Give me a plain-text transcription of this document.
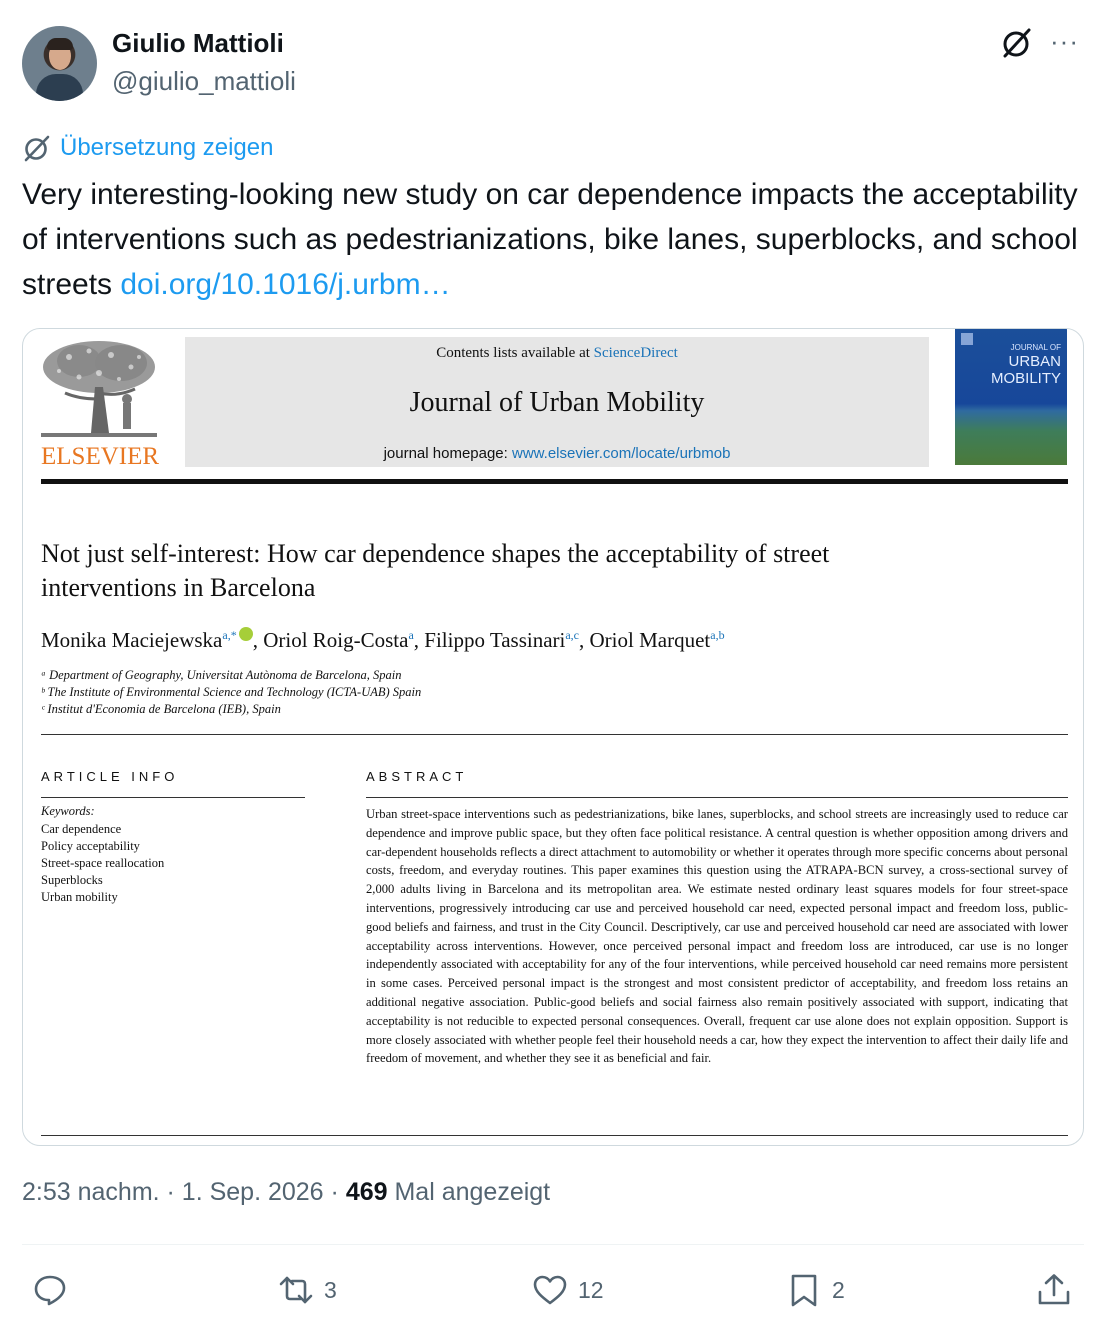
Giulio Mattioli
@giulio_mattioli
···
Übersetzung zeigen
Very interesting-looking new study on car dependence impacts the acceptability of interventions such as pedestrianizations, bike lanes, superblocks, and school streets doi.org/10.1016/j.urbm…
ELSEVIER
Contents lists available at ScienceDirect
Journal of Urban Mobility
journal homepage: www.elsevier.com/locate/urbmob
JOURNAL OF
URBAN
MOBILITY
Not just self-interest: How car dependence shapes the acceptability of street
interventions in Barcelona
Monika Maciejewska$^{a,*}$ , Oriol Roig-Costa$^a$, Filippo Tassinari$^{a,c}$, Oriol Marquet$^{a,b}$
ᵃ Department of Geography, Universitat Autònoma de Barcelona, Spain
ᵇ The Institute of Environmental Science and Technology (ICTA-UAB) Spain
ᶜ Institut d'Economia de Barcelona (IEB), Spain
ARTICLE INFO
Keywords:
Car dependence
Policy acceptability
Street-space reallocation
Superblocks
Urban mobility
ABSTRACT
Urban street-space interventions such as pedestrianizations, bike lanes, superblocks, and school streets are increasingly used to reduce car dependence and improve public space, but they often face political resistance. A central question is whether opposition among drivers and car-dependent households reflects a direct attachment to automobility or whether it operates through more specific concerns about personal costs, freedom, and everyday routines. This paper examines this question using the ATRAPA-BCN survey, a cross-sectional survey of 2,000 adults living in Barcelona and its metropolitan area. We estimate nested ordinary least squares models for four street-space interventions, progressively introducing car use and perceived household car need, expected personal impact and freedom loss, public-good beliefs and fairness, and trust in the City Council. Descriptively, car use and perceived household car need are associated with lower acceptability across interventions. However, once perceived personal impact and freedom loss are introduced, car use is no longer independently associated with acceptability for any of the four interventions, while perceived household car need remains more persistent in some cases. Perceived personal impact is the strongest and most consistent predictor of acceptability, and freedom loss retains an additional negative association. Public-good beliefs and social fairness also remain positively associated with support, indicating that acceptability is not reducible to expected personal consequences. Overall, frequent car use alone does not explain opposition. Support is more closely associated with whether people feel their household needs a car, how they expect the intervention to affect their daily life and freedom of movement, and whether they see it as beneficial and fair.
2:53 nachm. · 1. Sep. 2026 · 469 Mal angezeigt
3	12	2
